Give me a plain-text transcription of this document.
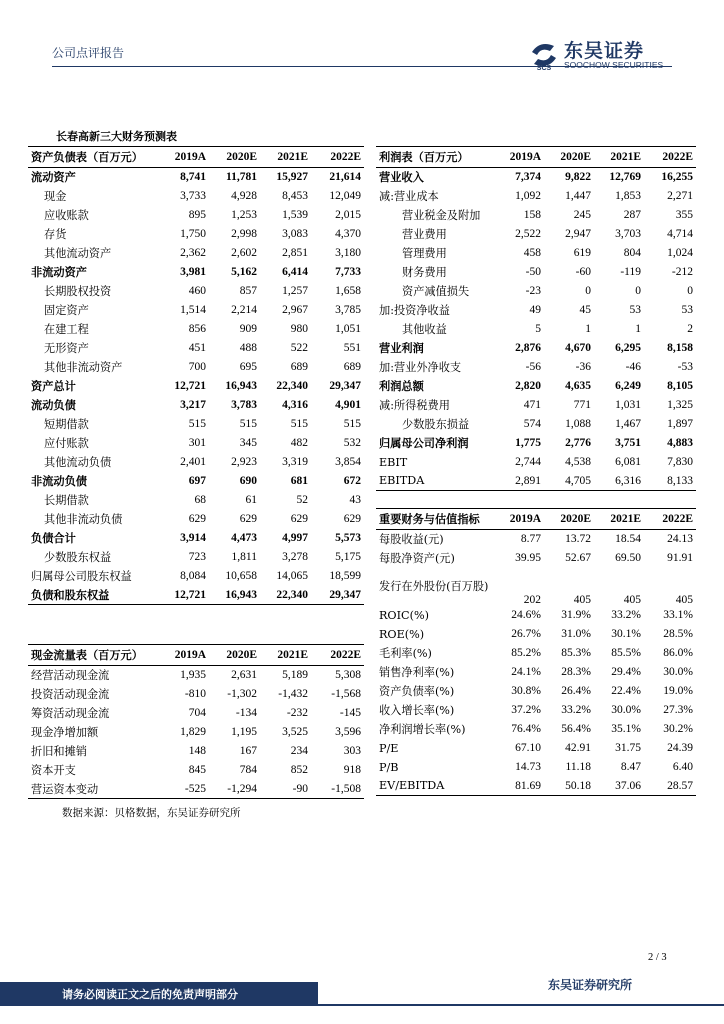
公司点评报告
SCS
东吴证券
SOOCHOW SECURITIES
长春高新三大财务预测表
资产负债表（百万元）	2019A	2020E	2021E	2022E
流动资产	8,741	11,781	15,927	21,614
现金	3,733	4,928	8,453	12,049
应收账款	895	1,253	1,539	2,015
存货	1,750	2,998	3,083	4,370
其他流动资产	2,362	2,602	2,851	3,180
非流动资产	3,981	5,162	6,414	7,733
长期股权投资	460	857	1,257	1,658
固定资产	1,514	2,214	2,967	3,785
在建工程	856	909	980	1,051
无形资产	451	488	522	551
其他非流动资产	700	695	689	689
资产总计	12,721	16,943	22,340	29,347
流动负债	3,217	3,783	4,316	4,901
短期借款	515	515	515	515
应付账款	301	345	482	532
其他流动负债	2,401	2,923	3,319	3,854
非流动负债	697	690	681	672
长期借款	68	61	52	43
其他非流动负债	629	629	629	629
负债合计	3,914	4,473	4,997	5,573
少数股东权益	723	1,811	3,278	5,175
归属母公司股东权益	8,084	10,658	14,065	18,599
负债和股东权益	12,721	16,943	22,340	29,347
现金流量表（百万元）	2019A	2020E	2021E	2022E
经营活动现金流	1,935	2,631	5,189	5,308
投资活动现金流	-810	-1,302	-1,432	-1,568
筹资活动现金流	704	-134	-232	-145
现金净增加额	1,829	1,195	3,525	3,596
折旧和摊销	148	167	234	303
资本开支	845	784	852	918
营运资本变动	-525	-1,294	-90	-1,508
利润表（百万元）	2019A	2020E	2021E	2022E
营业收入	7,374	9,822	12,769	16,255
减:营业成本	1,092	1,447	1,853	2,271
营业税金及附加	158	245	287	355
营业费用	2,522	2,947	3,703	4,714
管理费用	458	619	804	1,024
财务费用	-50	-60	-119	-212
资产减值损失	-23	0	0	0
加:投资净收益	49	45	53	53
其他收益	5	1	1	2
营业利润	2,876	4,670	6,295	8,158
加:营业外净收支	-56	-36	-46	-53
利润总额	2,820	4,635	6,249	8,105
减:所得税费用	471	771	1,031	1,325
少数股东损益	574	1,088	1,467	1,897
归属母公司净利润	1,775	2,776	3,751	4,883
EBIT	2,744	4,538	6,081	7,830
EBITDA	2,891	4,705	6,316	8,133
重要财务与估值指标	2019A	2020E	2021E	2022E
每股收益(元)	8.77	13.72	18.54	24.13
每股净资产(元)	39.95	52.67	69.50	91.91
发行在外股份(百万股)	202	405	405	405
ROIC(%)	24.6%	31.9%	33.2%	33.1%
ROE(%)	26.7%	31.0%	30.1%	28.5%
毛利率(%)	85.2%	85.3%	85.5%	86.0%
销售净利率(%)	24.1%	28.3%	29.4%	30.0%
资产负债率(%)	30.8%	26.4%	22.4%	19.0%
收入增长率(%)	37.2%	33.2%	30.0%	27.3%
净利润增长率(%)	76.4%	56.4%	35.1%	30.2%
P/E	67.10	42.91	31.75	24.39
P/B	14.73	11.18	8.47	6.40
EV/EBITDA	81.69	50.18	37.06	28.57
数据来源：贝格数据，东吴证券研究所
2 / 3
请务必阅读正文之后的免责声明部分
东吴证券研究所
